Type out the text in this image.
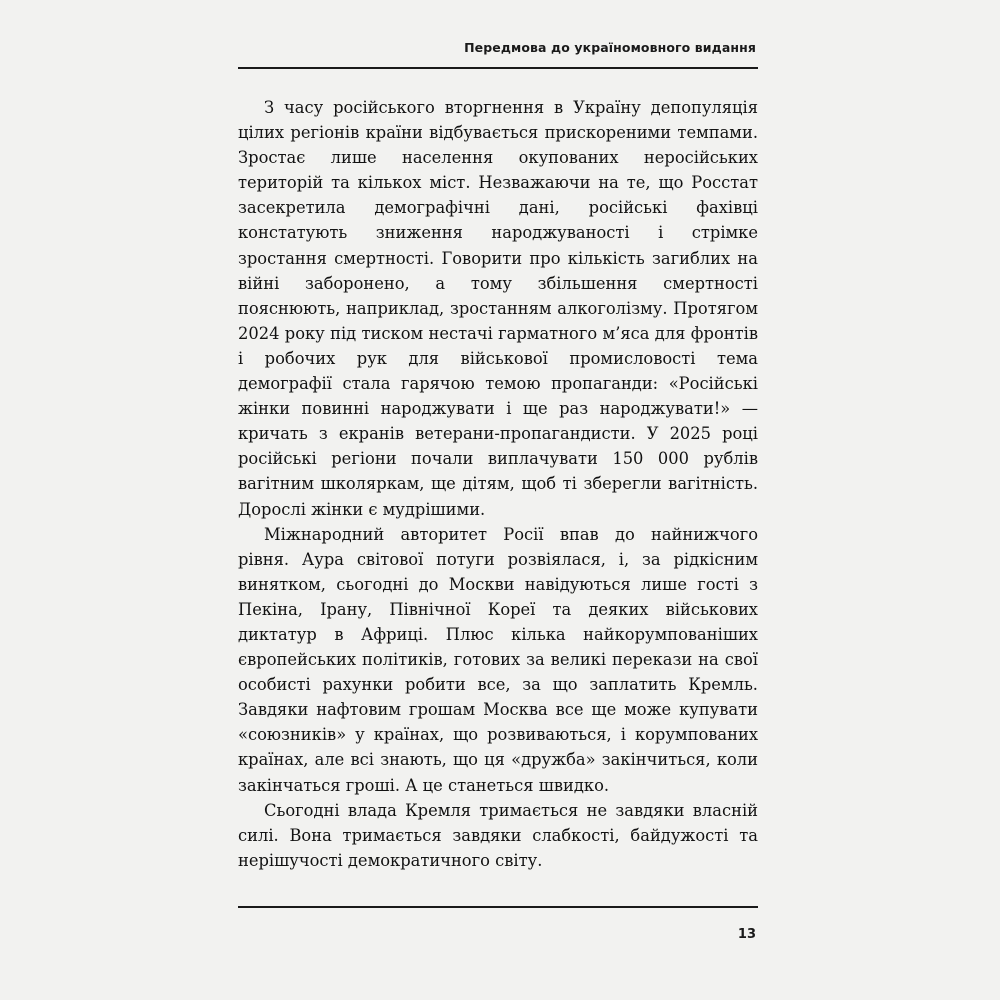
Передмова до україномовного видання

З часу російського вторгнення в Україну депопуляція цілих регіонів країни відбувається прискореними темпами. Зростає лише населення окупованих неросійських територій та кількох міст. Незважаючи на те, що Росстат засекретила демографічні дані, російські фахівці констатують зниження народжуваності і стрімке зростання смертності. Говорити про кількість загиблих на війні заборонено, а тому збільшення смертності пояснюють, наприклад, зростанням алкоголізму. Протягом 2024 року під тиском нестачі гарматного м’яса для фронтів і робочих рук для військової промисловості тема демографії стала гарячою темою пропаганди: «Російські жінки повинні народжувати і ще раз народжувати!» — кричать з екранів ветерани-пропагандисти. У 2025 році російські регіони почали виплачувати 150 000 рублів вагітним школяркам, ще дітям, щоб ті зберегли вагітність. Дорослі жінки є мудрішими.

Міжнародний авторитет Росії впав до найнижчого рівня. Аура світової потуги розвіялася, і, за рідкісним винятком, сьогодні до Москви навідуються лише гості з Пекіна, Ірану, Північної Кореї та деяких військових диктатур в Африці. Плюс кілька найкорумпованіших європейських політиків, готових за великі перекази на свої особисті рахунки робити все, за що заплатить Кремль. Завдяки нафтовим грошам Москва все ще може купувати «союзників» у країнах, що розвиваються, і корумпованих країнах, але всі знають, що ця «дружба» закінчиться, коли закінчаться гроші. А це станеться швидко.

Сьогодні влада Кремля тримається не завдяки власній силі. Вона тримається завдяки слабкості, байдужості та нерішучості демократичного світу.

13
